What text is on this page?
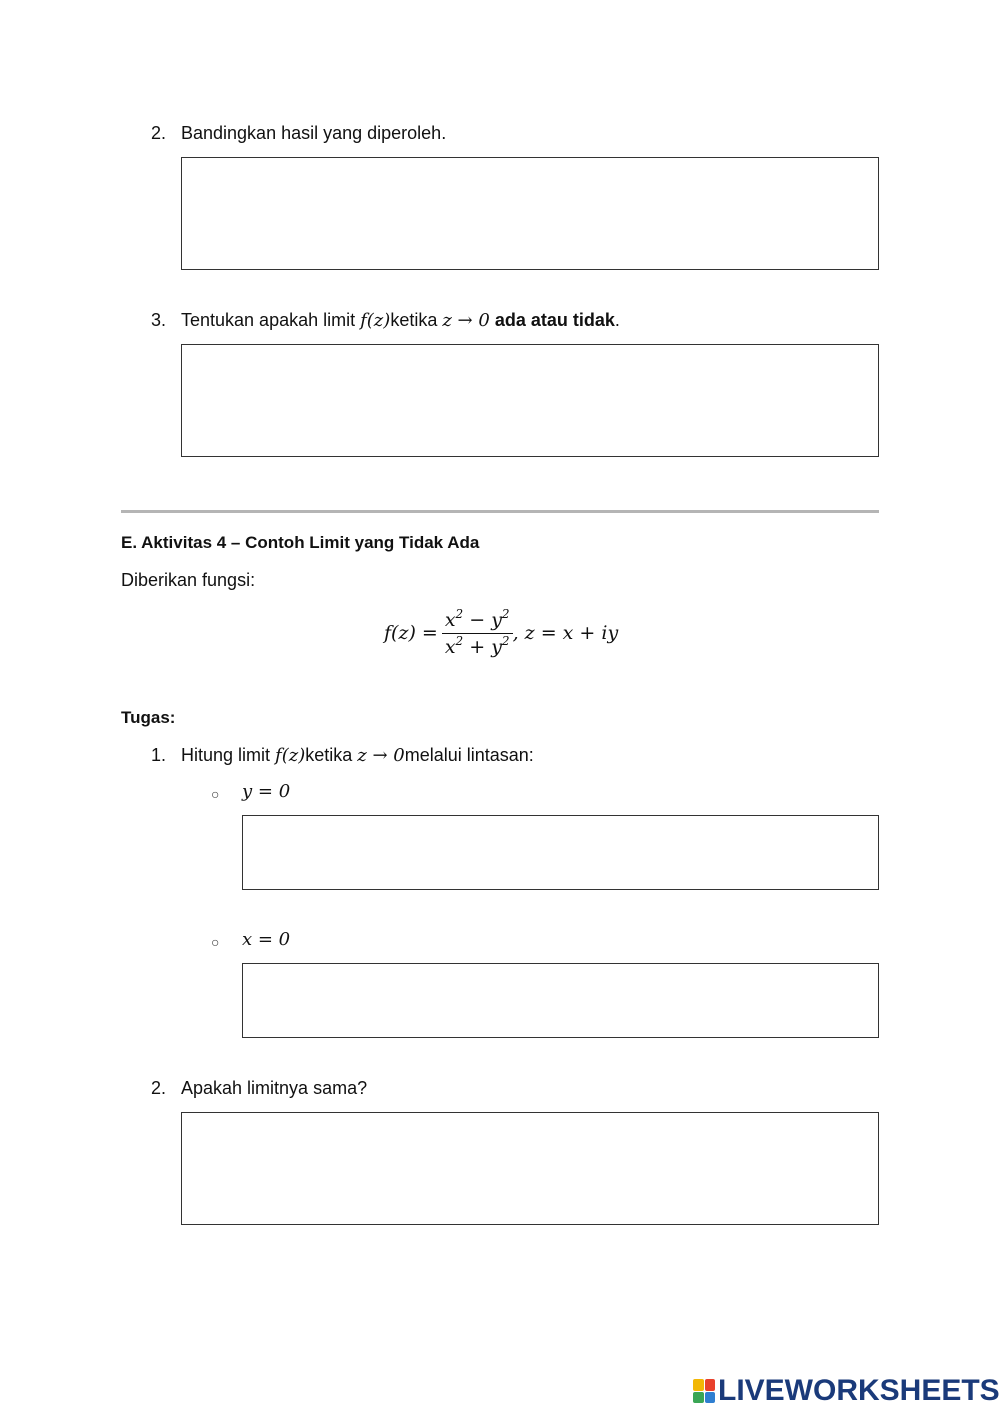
2. Bandingkan hasil yang diperoleh.
3. Tentukan apakah limit f(z)ketika z → 0 ada atau tidak.
E. Aktivitas 4 – Contoh Limit yang Tidak Ada
Diberikan fungsi:
$f(z) = \frac{x^2 - y^2}{x^2 + y^2}$ , z = x + iy
Tugas:
1. Hitung limit f(z)ketika z → 0melalui lintasan:
○ y = 0
○ x = 0
2. Apakah limitnya sama?
LIVEWORKSHEETS
